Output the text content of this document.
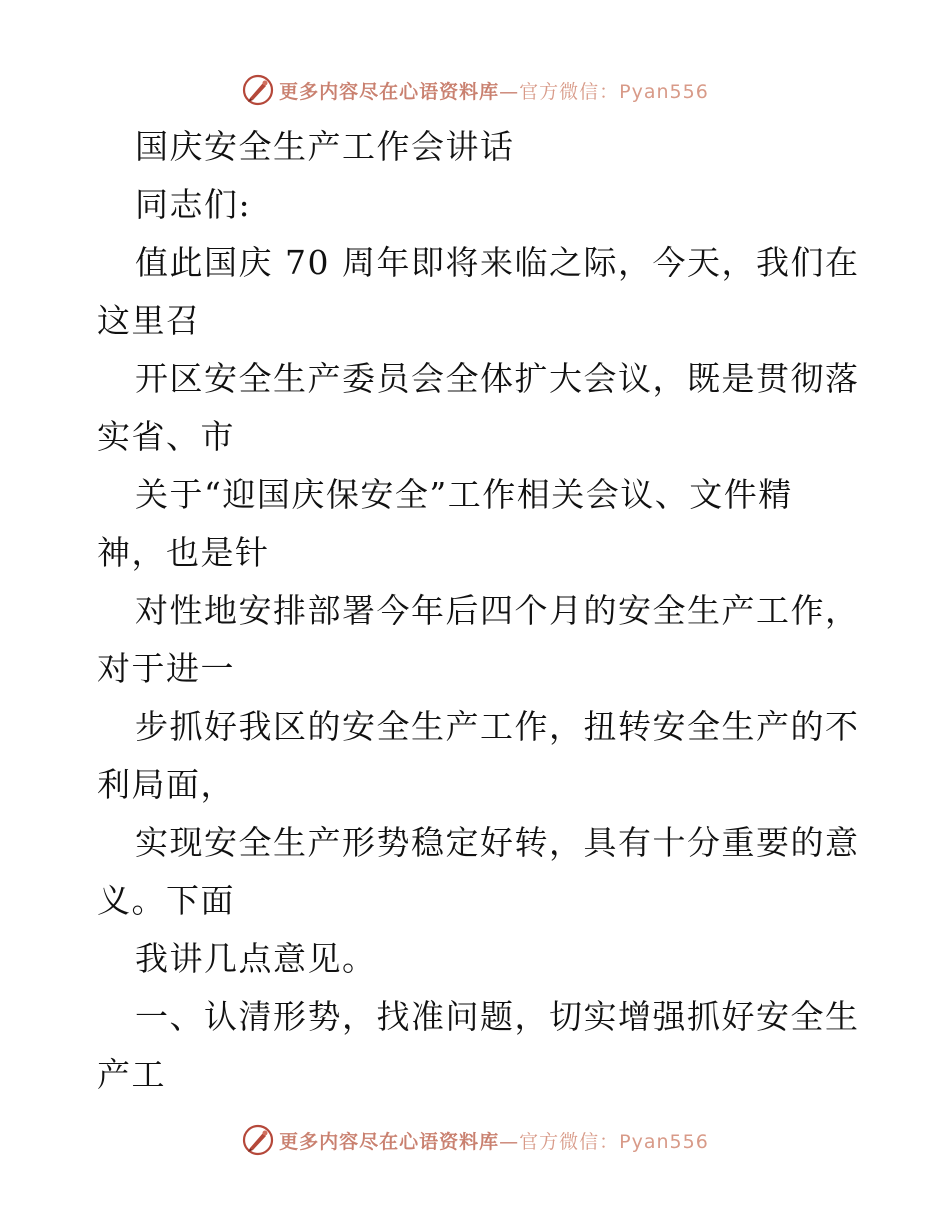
更多内容尽在心语资料库—官方微信：Pyan556
国庆安全生产工作会讲话
同志们:
值此国庆 70 周年即将来临之际，今天，我们在
这里召
开区安全生产委员会全体扩大会议，既是贯彻落
实省、市
关于“迎国庆保安全”工作相关会议、文件精
神，也是针
对性地安排部署今年后四个月的安全生产工作，
对于进一
步抓好我区的安全生产工作，扭转安全生产的不
利局面，
实现安全生产形势稳定好转，具有十分重要的意
义。下面
我讲几点意见。
一、认清形势，找准问题，切实增强抓好安全生
产工
更多内容尽在心语资料库—官方微信：Pyan556
